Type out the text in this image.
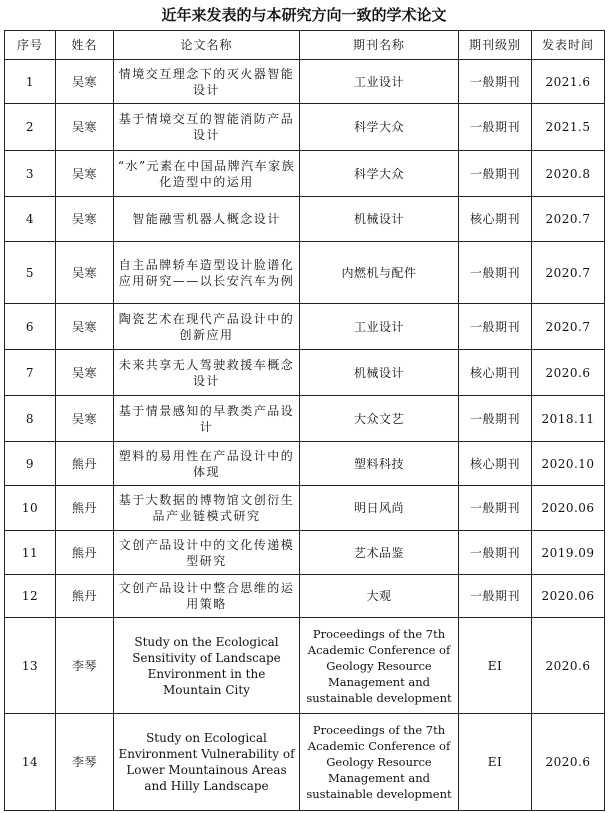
近年来发表的与本研究方向一致的学术论文
序号	姓名	论文名称	期刊名称	期刊级别	发表时间
1	吴寒	情境交互理念下的灭火器智能设计	工业设计	一般期刊	2021.6
2	吴寒	基于情境交互的智能消防产品设计	科学大众	一般期刊	2021.5
3	吴寒	“水”元素在中国品牌汽车家族化造型中的运用	科学大众	一般期刊	2020.8
4	吴寒	智能融雪机器人概念设计	机械设计	核心期刊	2020.7
5	吴寒	自主品牌轿车造型设计脸谱化应用研究——以长安汽车为例	内燃机与配件	一般期刊	2020.7
6	吴寒	陶瓷艺术在现代产品设计中的创新应用	工业设计	一般期刊	2020.7
7	吴寒	未来共享无人驾驶救援车概念设计	机械设计	核心期刊	2020.6
8	吴寒	基于情景感知的早教类产品设计	大众文艺	一般期刊	2018.11
9	熊丹	塑料的易用性在产品设计中的体现	塑料科技	核心期刊	2020.10
10	熊丹	基于大数据的博物馆文创衍生品产业链模式研究	明日风尚	一般期刊	2020.06
11	熊丹	文创产品设计中的文化传递模型研究	艺术品鉴	一般期刊	2019.09
12	熊丹	文创产品设计中整合思维的运用策略	大观	一般期刊	2020.06
13	李琴	Study on the Ecological Sensitivity of Landscape Environment in the Mountain City	Proceedings of the 7th Academic Conference of Geology Resource Management and sustainable development	EI	2020.6
14	李琴	Study on Ecological Environment Vulnerability of Lower Mountainous Areas and Hilly Landscape	Proceedings of the 7th Academic Conference of Geology Resource Management and sustainable development	EI	2020.6
